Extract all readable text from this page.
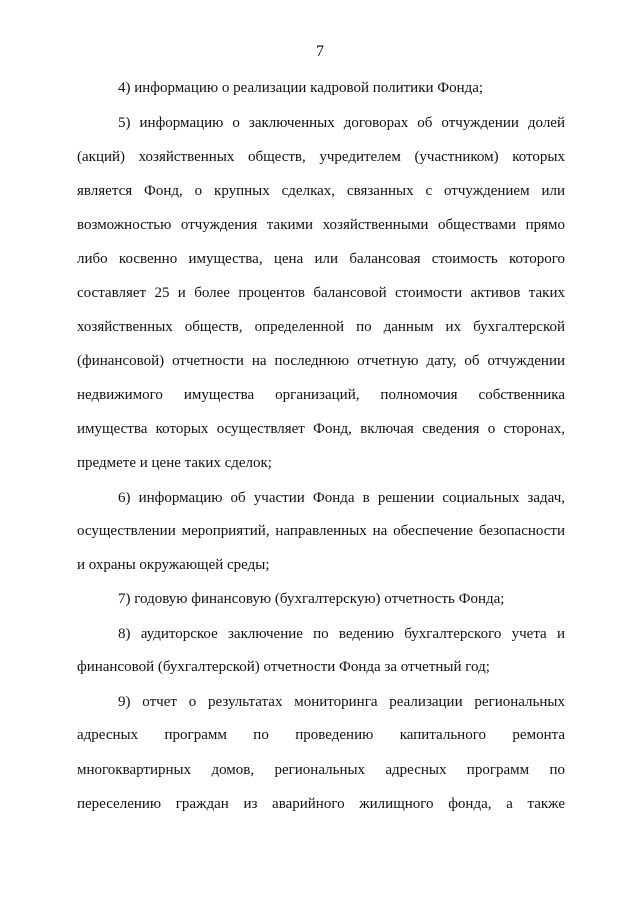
7
4) информацию о реализации кадровой политики Фонда;
5) информацию о заключенных договорах об отчуждении долей
(акций) хозяйственных обществ, учредителем (участником) которых
является Фонд, о крупных сделках, связанных с отчуждением или
возможностью отчуждения такими хозяйственными обществами прямо
либо косвенно имущества, цена или балансовая стоимость которого
составляет 25 и более процентов балансовой стоимости активов таких
хозяйственных обществ, определенной по данным их бухгалтерской
(финансовой) отчетности на последнюю отчетную дату, об отчуждении
недвижимого имущества организаций, полномочия собственника
имущества которых осуществляет Фонд, включая сведения о сторонах,
предмете и цене таких сделок;
6) информацию об участии Фонда в решении социальных задач,
осуществлении мероприятий, направленных на обеспечение безопасности
и охраны окружающей среды;
7) годовую финансовую (бухгалтерскую) отчетность Фонда;
8) аудиторское заключение по ведению бухгалтерского учета и
финансовой (бухгалтерской) отчетности Фонда за отчетный год;
9) отчет о результатах мониторинга реализации региональных
адресных программ по проведению капитального ремонта
многоквартирных домов, региональных адресных программ по
переселению граждан из аварийного жилищного фонда, а также
